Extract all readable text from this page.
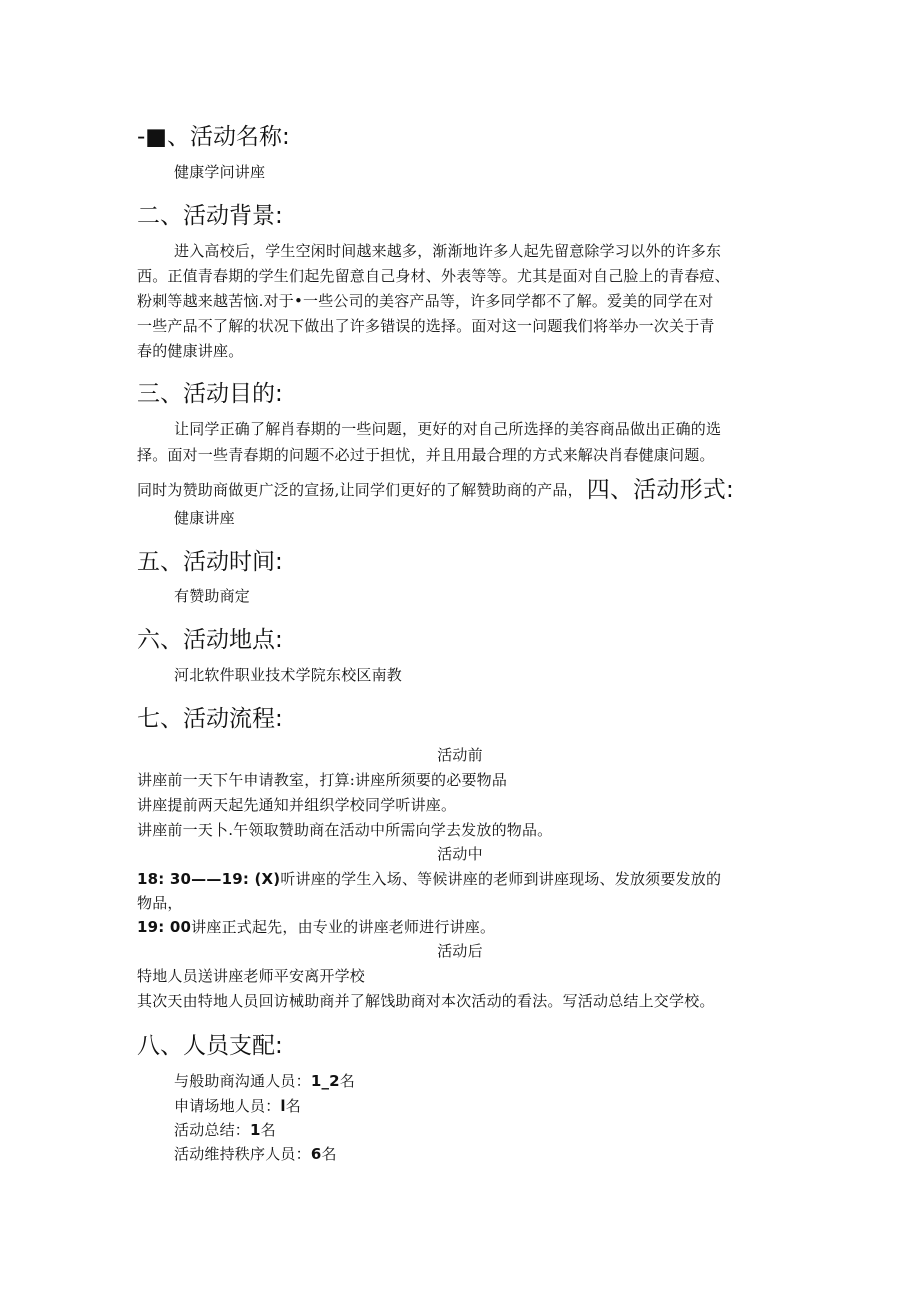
-■、活动名称:
健康学问讲座
二、活动背景:
进入高校后，学生空闲时间越来越多，渐渐地许多人起先留意除学习以外的许多东
西。正值青春期的学生们起先留意自己身材、外表等等。尤其是面对自己脸上的青春痘、
粉刺等越来越苦恼.对于•一些公司的美容产品等，许多同学都不了解。爱美的同学在对
一些产品不了解的状况下做出了许多错误的选择。面对这一问题我们将举办一次关于青
春的健康讲座。
三、活动目的:
让同学正确了解肖春期的一些问题，更好的对自己所选择的美容商品做出正确的选
择。面对一些青春期的问题不必过于担忧，并且用最合理的方式来解决肖春健康问题。
同时为赞助商做更广泛的宣扬,让同学们更好的了解赞助商的产品， 四、活动形式:
健康讲座
五、活动时间:
有赞助商定
六、活动地点:
河北软件职业技术学院东校区南教
七、活动流程:
活动前
讲座前一天下午申请教室，打算:讲座所须要的必要物品
讲座提前两天起先通知并组织学校同学听讲座。
讲座前一天卜.午领取赞助商在活动中所需向学去发放的物品。
活动中
18: 30——19: (X)听讲座的学生入场、等候讲座的老师到讲座现场、发放须要发放的
物品，
19: 00讲座正式起先，由专业的讲座老师进行讲座。
活动后
特地人员送讲座老师平安离开学校
其次天由特地人员回访械助商并了解饯助商对本次活动的看法。写活动总结上交学校。
八、人员支配:
与般助商沟通人员：1_2名
申请场地人员：l名
活动总结：1名
活动维持秩序人员：6名
